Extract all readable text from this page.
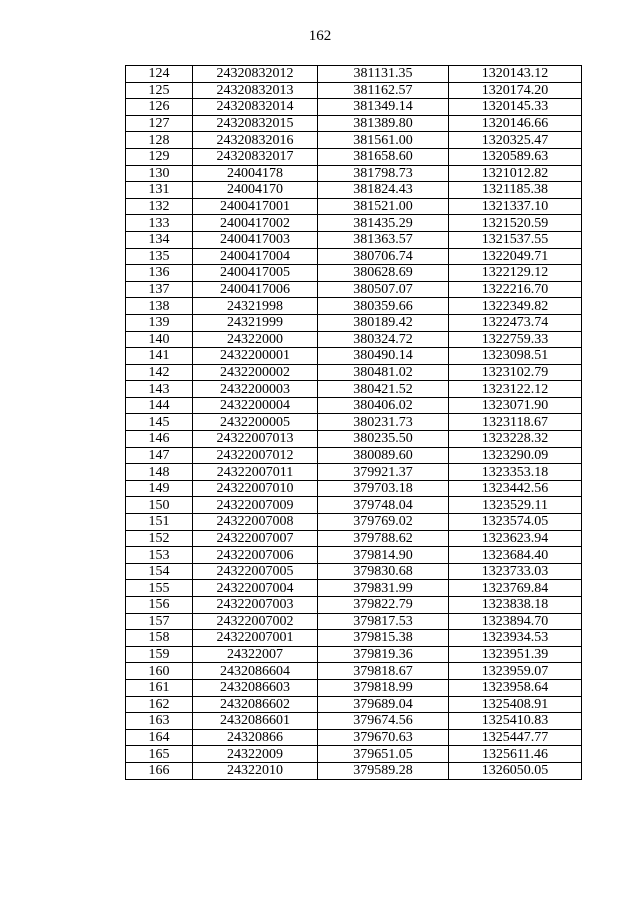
162
124	24320832012	381131.35	1320143.12
125	24320832013	381162.57	1320174.20
126	24320832014	381349.14	1320145.33
127	24320832015	381389.80	1320146.66
128	24320832016	381561.00	1320325.47
129	24320832017	381658.60	1320589.63
130	24004178	381798.73	1321012.82
131	24004170	381824.43	1321185.38
132	2400417001	381521.00	1321337.10
133	2400417002	381435.29	1321520.59
134	2400417003	381363.57	1321537.55
135	2400417004	380706.74	1322049.71
136	2400417005	380628.69	1322129.12
137	2400417006	380507.07	1322216.70
138	24321998	380359.66	1322349.82
139	24321999	380189.42	1322473.74
140	24322000	380324.72	1322759.33
141	2432200001	380490.14	1323098.51
142	2432200002	380481.02	1323102.79
143	2432200003	380421.52	1323122.12
144	2432200004	380406.02	1323071.90
145	2432200005	380231.73	1323118.67
146	24322007013	380235.50	1323228.32
147	24322007012	380089.60	1323290.09
148	24322007011	379921.37	1323353.18
149	24322007010	379703.18	1323442.56
150	24322007009	379748.04	1323529.11
151	24322007008	379769.02	1323574.05
152	24322007007	379788.62	1323623.94
153	24322007006	379814.90	1323684.40
154	24322007005	379830.68	1323733.03
155	24322007004	379831.99	1323769.84
156	24322007003	379822.79	1323838.18
157	24322007002	379817.53	1323894.70
158	24322007001	379815.38	1323934.53
159	24322007	379819.36	1323951.39
160	2432086604	379818.67	1323959.07
161	2432086603	379818.99	1323958.64
162	2432086602	379689.04	1325408.91
163	2432086601	379674.56	1325410.83
164	24320866	379670.63	1325447.77
165	24322009	379651.05	1325611.46
166	24322010	379589.28	1326050.05
